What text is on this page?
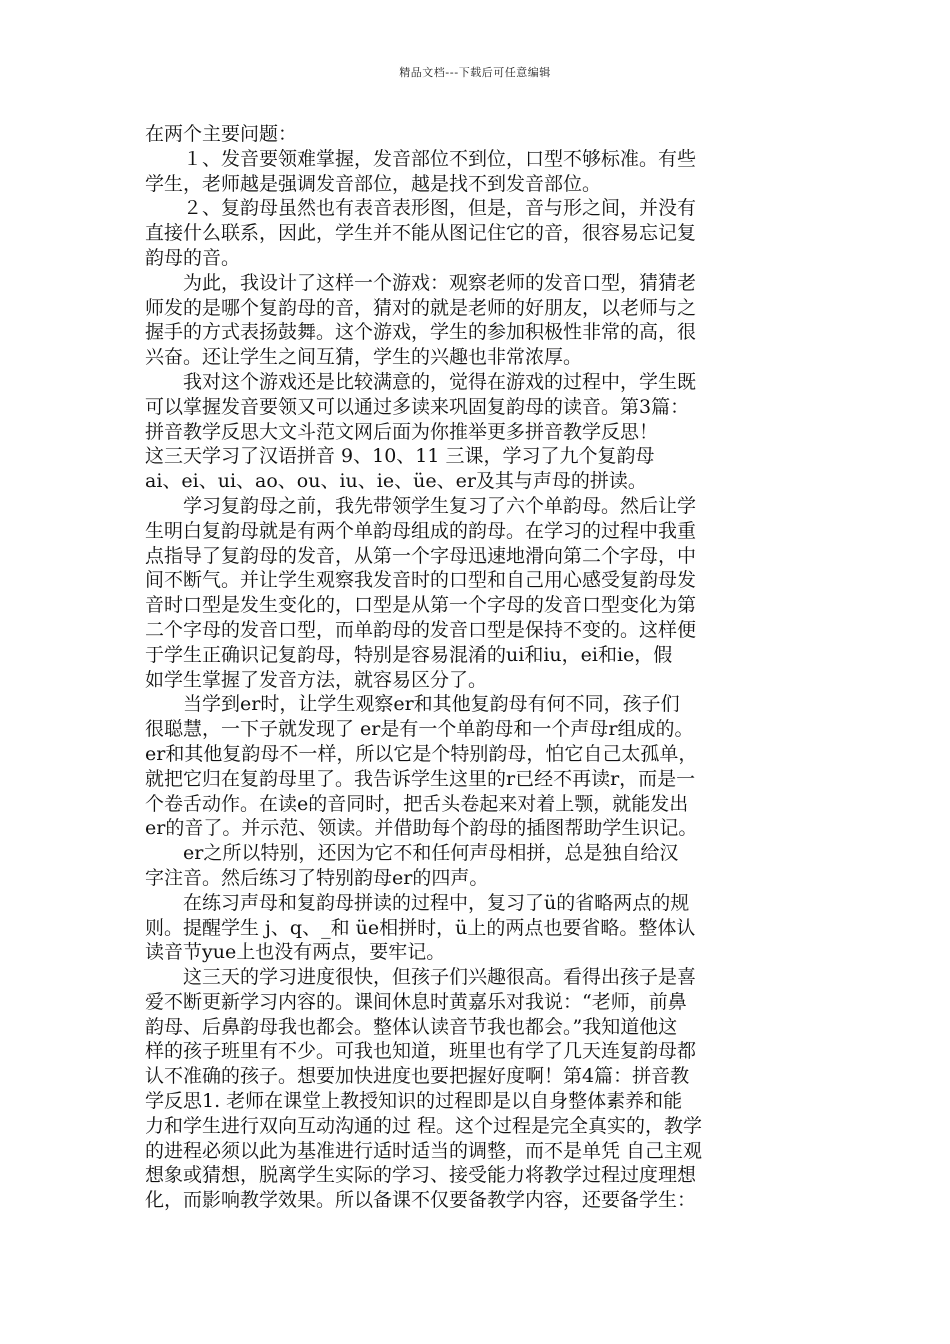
精品文档---下载后可任意编辑
在两个主要问题：
　　１、发音要领难掌握，发音部位不到位，口型不够标准。有些
学生，老师越是强调发音部位，越是找不到发音部位。
　　２、复韵母虽然也有表音表形图，但是，音与形之间，并没有
直接什么联系，因此，学生并不能从图记住它的音，很容易忘记复
韵母的音。
　　为此，我设计了这样一个游戏：观察老师的发音口型，猜猜老
师发的是哪个复韵母的音，猜对的就是老师的好朋友，以老师与之
握手的方式表扬鼓舞。这个游戏，学生的参加积极性非常的高，很
兴奋。还让学生之间互猜，学生的兴趣也非常浓厚。
　　我对这个游戏还是比较满意的，觉得在游戏的过程中，学生既
可以掌握发音要领又可以通过多读来巩固复韵母的读音。第3篇：
拼音教学反思大文斗范文网后面为你推举更多拼音教学反思！
这三天学习了汉语拼音 9、10、11 三课，学习了九个复韵母
ai、ei、ui、ao、ou、iu、ie、üe、er及其与声母的拼读。
　　学习复韵母之前，我先带领学生复习了六个单韵母。然后让学
生明白复韵母就是有两个单韵母组成的韵母。在学习的过程中我重
点指导了复韵母的发音，从第一个字母迅速地滑向第二个字母，中
间不断气。并让学生观察我发音时的口型和自己用心感受复韵母发
音时口型是发生变化的，口型是从第一个字母的发音口型变化为第
二个字母的发音口型，而单韵母的发音口型是保持不变的。这样便
于学生正确识记复韵母，特别是容易混淆的ui和iu，ei和ie，假
如学生掌握了发音方法，就容易区分了。
　　当学到er时，让学生观察er和其他复韵母有何不同，孩子们
很聪慧，一下子就发现了 er是有一个单韵母和一个声母r组成的。
er和其他复韵母不一样，所以它是个特别韵母，怕它自己太孤单，
就把它归在复韵母里了。我告诉学生这里的r已经不再读r，而是一
个卷舌动作。在读e的音同时，把舌头卷起来对着上颚，就能发出
er的音了。并示范、领读。并借助每个韵母的插图帮助学生识记。
　　er之所以特别，还因为它不和任何声母相拼，总是独自给汉
字注音。然后练习了特别韵母er的四声。
　　在练习声母和复韵母拼读的过程中，复习了ü的省略两点的规
则。提醒学生 j、q、_和 üe相拼时，ü上的两点也要省略。整体认
读音节yue上也没有两点，要牢记。
　　这三天的学习进度很快，但孩子们兴趣很高。看得出孩子是喜
爱不断更新学习内容的。课间休息时黄嘉乐对我说：“老师，前鼻
韵母、后鼻韵母我也都会。整体认读音节我也都会。”我知道他这
样的孩子班里有不少。可我也知道，班里也有学了几天连复韵母都
认不准确的孩子。想要加快进度也要把握好度啊！第4篇：拼音教
学反思1. 老师在课堂上教授知识的过程即是以自身整体素养和能
力和学生进行双向互动沟通的过 程。这个过程是完全真实的，教学
的进程必须以此为基准进行适时适当的调整，而不是单凭 自己主观
想象或猜想，脱离学生实际的学习、接受能力将教学过程过度理想
化，而影响教学效果。所以备课不仅要备教学内容，还要备学生：
